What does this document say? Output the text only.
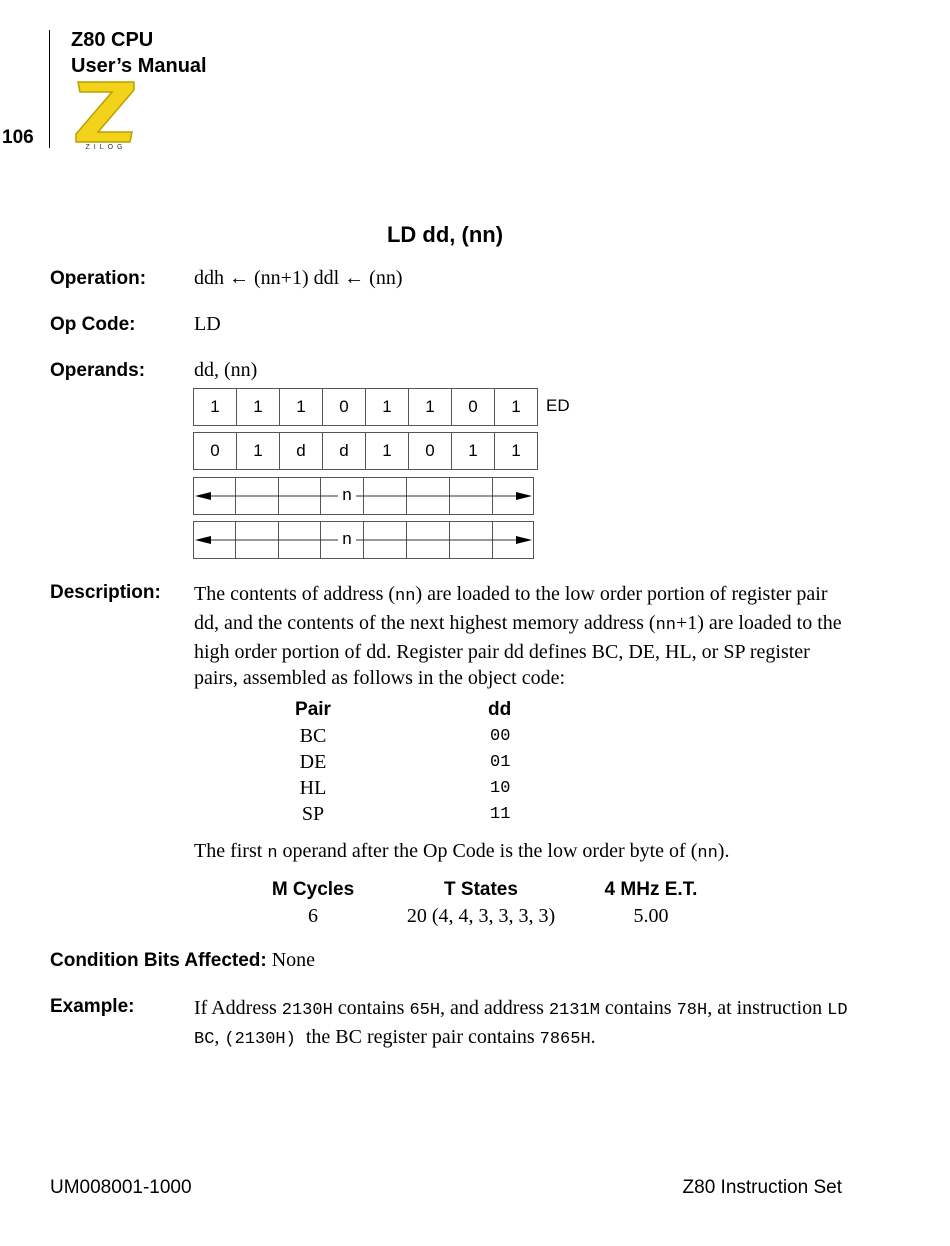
Z80 CPU
User’s Manual
106	ZILOG
LD dd, (nn)
Operation: ddh ← (nn+1) ddl ← (nn)
Op Code:	LD
Operands: dd, (nn)
1	1	1	0	1	1	0	1	ED
0	1	d	d	1	0	1	1
n
n
Description: The contents of address (nn) are loaded to the low order portion of register pair dd, and the contents of the next highest memory address (nn+1) are loaded to the high order portion of dd. Register pair dd defines BC, DE, HL, or SP register pairs, assembled as follows in the object code:
Pair	dd
BC	00
DE	01
HL	10
SP	11
The first n operand after the Op Code is the low order byte of (nn).
M Cycles	T States	4 MHz E.T.
6	20 (4, 4, 3, 3, 3, 3)	5.00
Condition Bits Affected: None
Example:	If Address 2130H contains 65H, and address 2131M contains 78H, at instruction LD BC, (2130H)  the BC register pair contains 7865H.
UM008001-1000	Z80 Instruction Set
